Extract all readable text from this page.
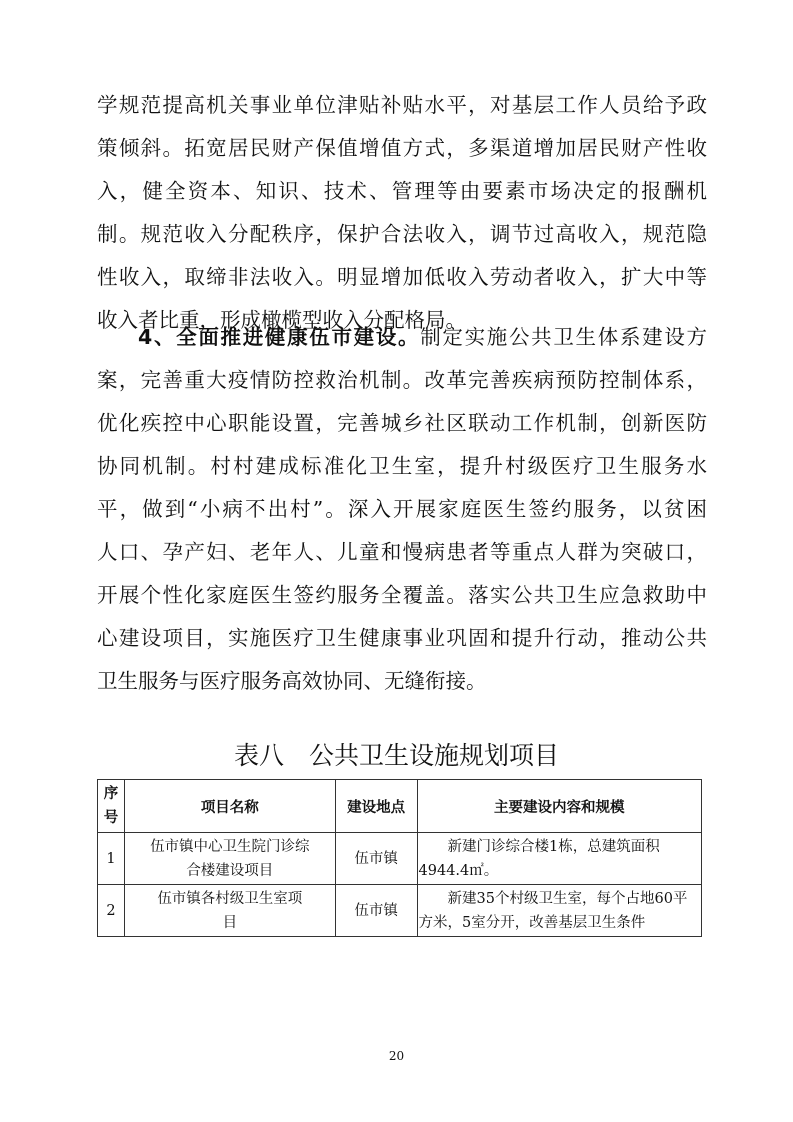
学规范提高机关事业单位津贴补贴水平，对基层工作人员给予政
策倾斜。拓宽居民财产保值增值方式，多渠道增加居民财产性收
入，健全资本、知识、技术、管理等由要素市场决定的报酬机
制。规范收入分配秩序，保护合法收入，调节过高收入，规范隐
性收入，取缔非法收入。明显增加低收入劳动者收入，扩大中等
收入者比重，形成橄榄型收入分配格局。
4、全面推进健康伍市建设。制定实施公共卫生体系建设方
案，完善重大疫情防控救治机制。改革完善疾病预防控制体系，
优化疾控中心职能设置，完善城乡社区联动工作机制，创新医防
协同机制。村村建成标准化卫生室，提升村级医疗卫生服务水
平，做到“小病不出村”。深入开展家庭医生签约服务，以贫困
人口、孕产妇、老年人、儿童和慢病患者等重点人群为突破口，
开展个性化家庭医生签约服务全覆盖。落实公共卫生应急救助中
心建设项目，实施医疗卫生健康事业巩固和提升行动，推动公共
卫生服务与医疗服务高效协同、无缝衔接。
表八　公共卫生设施规划项目
序号	项目名称	建设地点	主要建设内容和规模
1	伍市镇中心卫生院门诊综合楼建设项目	伍市镇	新建门诊综合楼1栋，总建筑面积4944.4㎡。
2	伍市镇各村级卫生室项目	伍市镇	新建35个村级卫生室，每个占地60平方米，5室分开，改善基层卫生条件
20
